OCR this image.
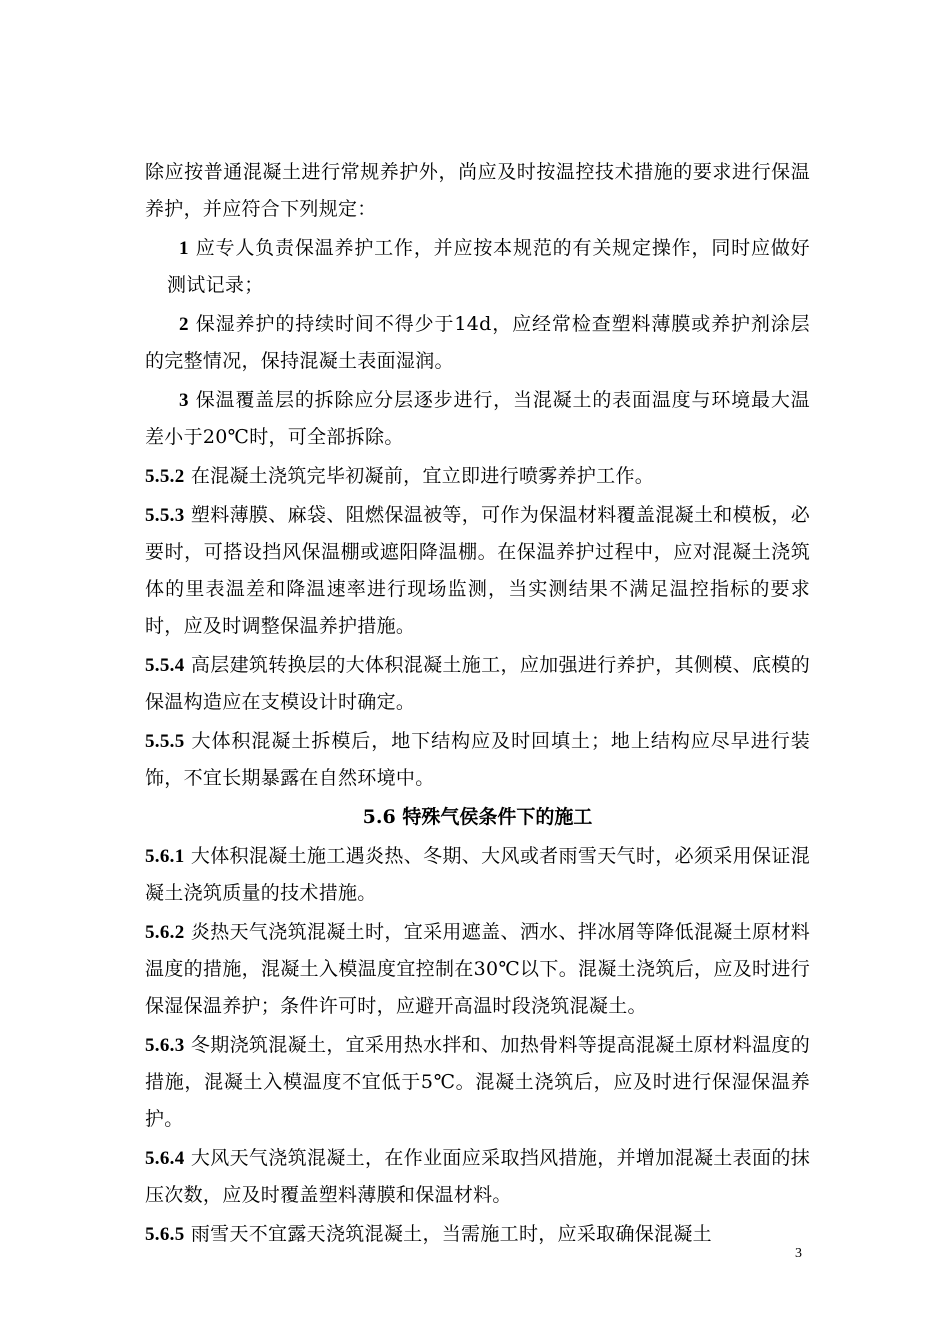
除应按普通混凝土进行常规养护外，尚应及时按温控技术措施的要求进行保温养护，并应符合下列规定：

1 应专人负责保温养护工作，并应按本规范的有关规定操作，同时应做好测试记录；

2 保湿养护的持续时间不得少于14d，应经常检查塑料薄膜或养护剂涂层的完整情况，保持混凝土表面湿润。

3 保温覆盖层的拆除应分层逐步进行，当混凝土的表面温度与环境最大温差小于20℃时，可全部拆除。

5.5.2 在混凝土浇筑完毕初凝前，宜立即进行喷雾养护工作。

5.5.3 塑料薄膜、麻袋、阻燃保温被等，可作为保温材料覆盖混凝土和模板，必要时，可搭设挡风保温棚或遮阳降温棚。在保温养护过程中，应对混凝土浇筑体的里表温差和降温速率进行现场监测，当实测结果不满足温控指标的要求时，应及时调整保温养护措施。

5.5.4 高层建筑转换层的大体积混凝土施工，应加强进行养护，其侧模、底模的保温构造应在支模设计时确定。

5.5.5 大体积混凝土拆模后，地下结构应及时回填土；地上结构应尽早进行装饰，不宜长期暴露在自然环境中。

5.6 特殊气侯条件下的施工

5.6.1 大体积混凝土施工遇炎热、冬期、大风或者雨雪天气时，必须采用保证混凝土浇筑质量的技术措施。

5.6.2 炎热天气浇筑混凝土时，宜采用遮盖、洒水、拌冰屑等降低混凝土原材料温度的措施，混凝土入模温度宜控制在30℃以下。混凝土浇筑后，应及时进行保湿保温养护；条件许可时，应避开高温时段浇筑混凝土。

5.6.3 冬期浇筑混凝土，宜采用热水拌和、加热骨料等提高混凝土原材料温度的措施，混凝土入模温度不宜低于5℃。混凝土浇筑后，应及时进行保湿保温养护。

5.6.4 大风天气浇筑混凝土，在作业面应采取挡风措施，并增加混凝土表面的抹压次数，应及时覆盖塑料薄膜和保温材料。

5.6.5 雨雪天不宜露天浇筑混凝土，当需施工时，应采取确保混凝土

3
